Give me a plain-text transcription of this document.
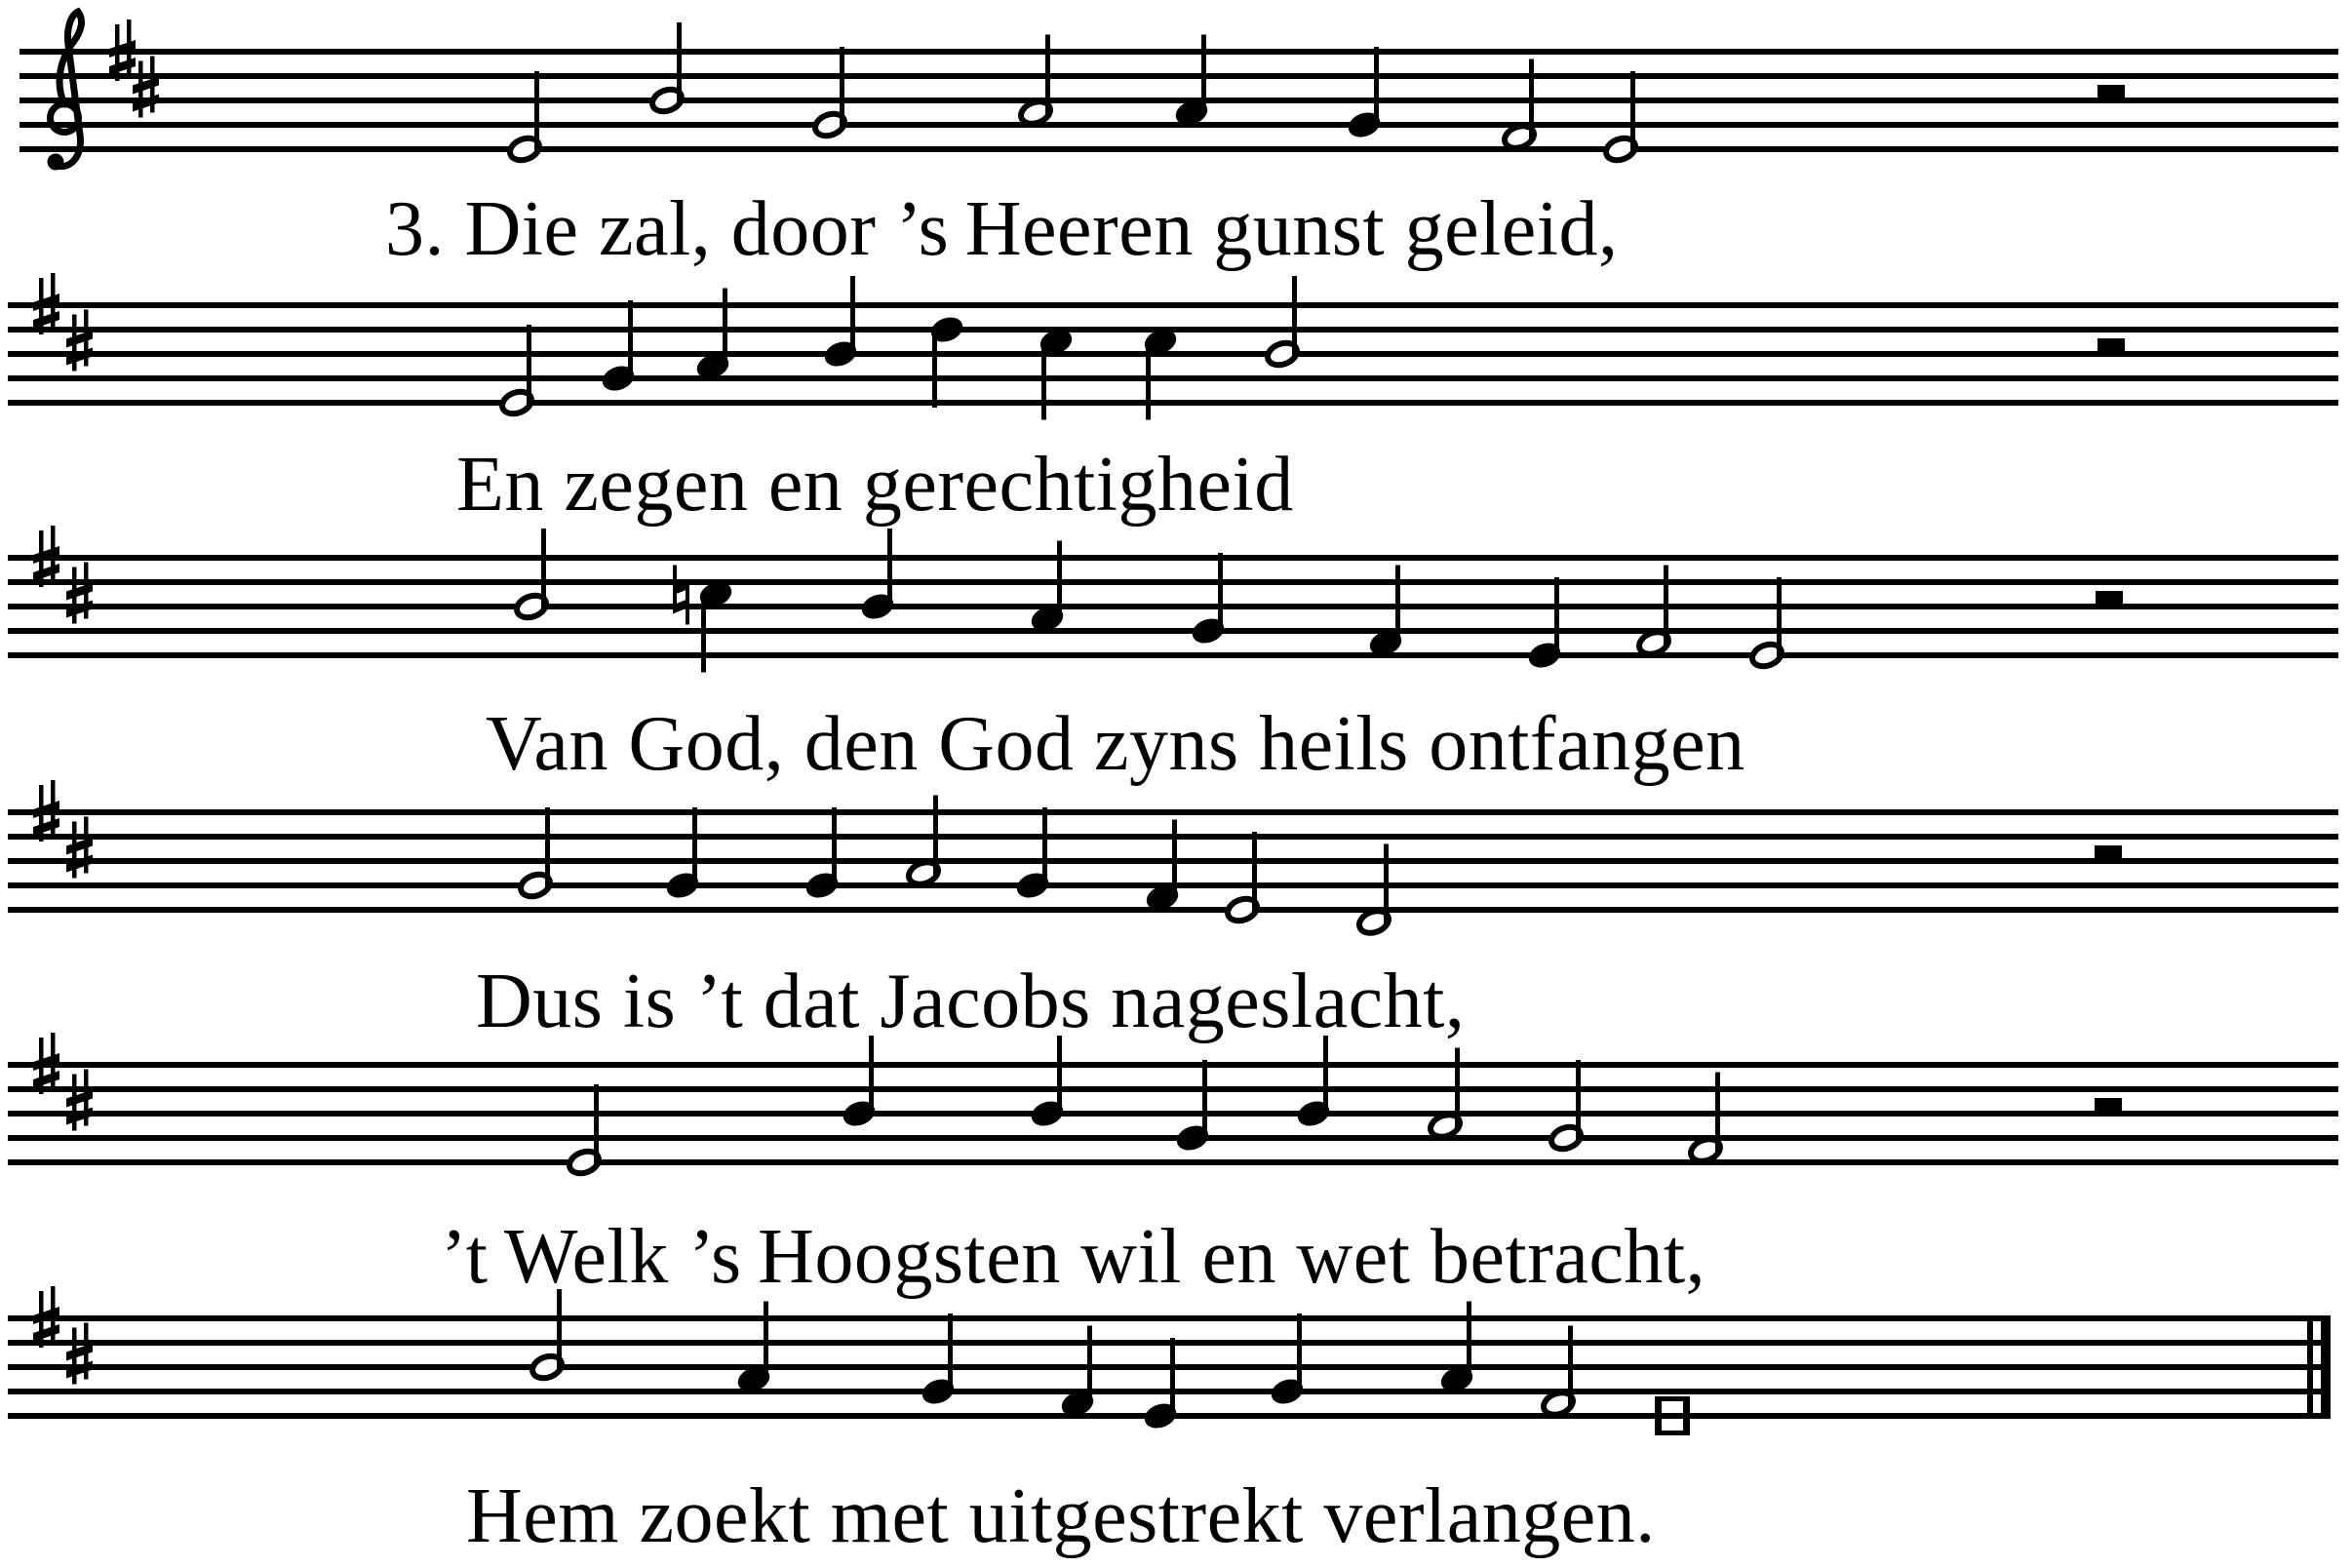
3. Die zal, door ’s Heeren gunst geleid,
En zegen en gerechtigheid
Van God, den God zyns heils ontfangen
Dus is ’t dat Jacobs nageslacht,
’t Welk ’s Hoogsten wil en wet betracht,
Hem zoekt met uitgestrekt verlangen.
